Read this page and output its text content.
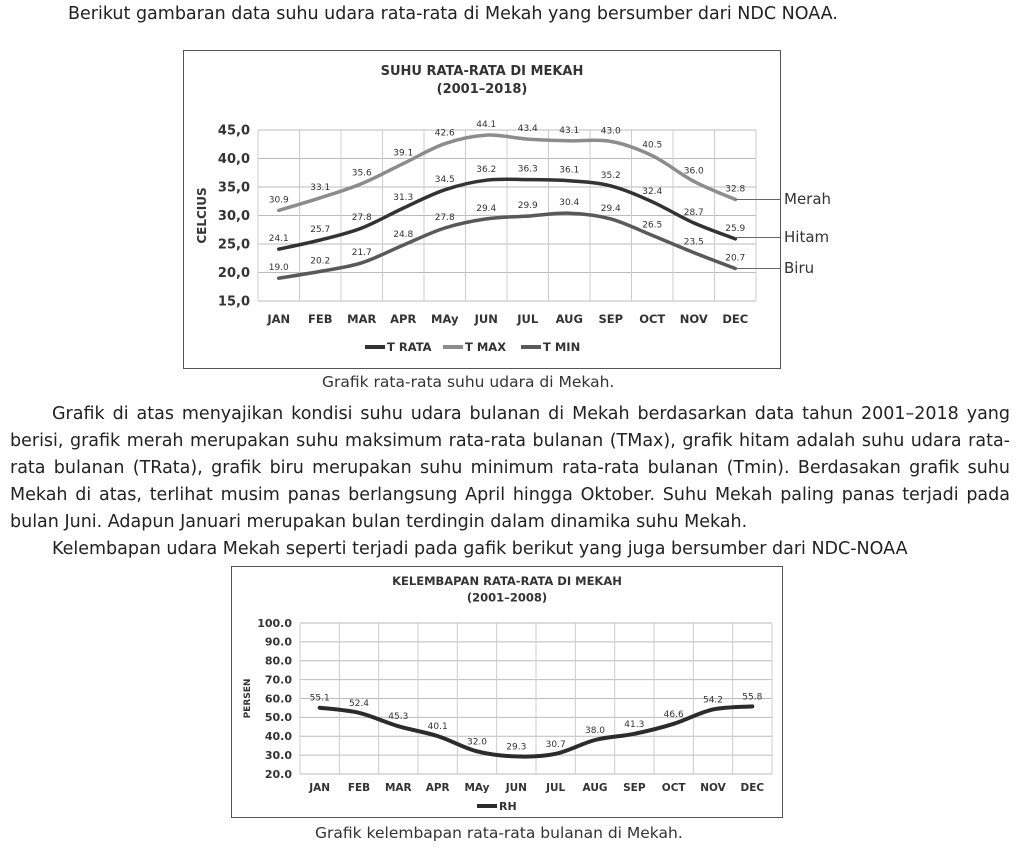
Berikut gambaran data suhu udara rata-rata di Mekah yang bersumber dari NDC NOAA.
SUHU RATA-RATA DI MEKAH
(2001–2018)
15,0
20,0
25,0
30,0
35,0
40,0
45,0
JAN FEB MAR APR MAy JUN JUL AUG SEP OCT NOV DEC
CELCIUS	24.1
25.7
27.8
31.3
34.5
36.2 36.3 36.1
35.2
32.4
28.7
25.9
30.9
33.1
35.6
39.1
42.6
44.1 43.4 43.1 43.0
40.5
36.0
32.8
19.0
20.2
21.7
24.8
27.8
29.4 29.9 30.4
29.4
26.5
23.5
20.7
T RATA	T MAX	T MIN
Merah
Hitam
Biru
Grafik rata-rata suhu udara di Mekah.

Grafik di atas menyajikan kondisi suhu udara bulanan di Mekah berdasarkan data tahun 2001–2018 yang berisi, grafik merah merupakan suhu maksimum rata-rata bulanan (TMax), grafik hitam adalah suhu udara rata-rata bulanan (TRata), grafik biru merupakan suhu minimum rata-rata bulanan (Tmin). Berdasakan grafik suhu Mekah di atas, terlihat musim panas berlangsung April hingga Oktober. Suhu Mekah paling panas terjadi pada bulan Juni. Adapun Januari merupakan bulan terdingin dalam dinamika suhu Mekah.

Kelembapan udara Mekah seperti terjadi pada gafik berikut yang juga bersumber dari NDC-NOAA

KELEMBAPAN RATA-RATA DI MEKAH
(2001–2008)
20.0
30.0
40.0
50.0
60.0
70.0
80.0
90.0
100.0
JAN FEB MAR APR MAy JUN JUL AUG SEP OCT NOV DEC
PERSEN	55.1
52.4
45.3
40.1
32.0
29.3 30.7
38.0
41.3
46.6
54.2 55.8
RH
Grafik kelembapan rata-rata bulanan di Mekah.
